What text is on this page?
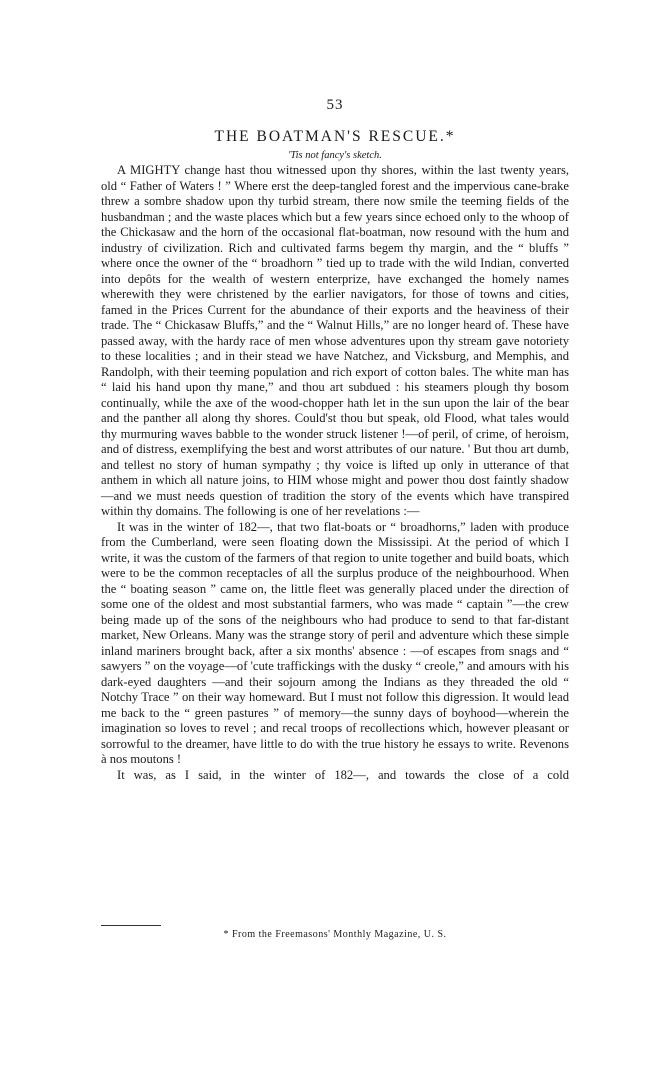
53
THE BOATMAN'S RESCUE.*
'Tis not fancy's sketch.

A MIGHTY change hast thou witnessed upon thy shores, within the last twenty years, old “ Father of Waters ! ” Where erst the deep-tangled forest and the impervious cane-brake threw a sombre shadow upon thy turbid stream, there now smile the teeming fields of the husbandman ; and the waste places which but a few years since echoed only to the whoop of the Chickasaw and the horn of the occasional flat-boatman, now resound with the hum and industry of civilization. Rich and cultivated farms begem thy margin, and the “ bluffs ” where once the owner of the “ broadhorn ” tied up to trade with the wild Indian, converted into depôts for the wealth of western enterprize, have exchanged the homely names wherewith they were christened by the earlier navigators, for those of towns and cities, famed in the Prices Current for the abundance of their exports and the heaviness of their trade. The “ Chickasaw Bluffs,” and the “ Walnut Hills,” are no longer heard of. These have passed away, with the hardy race of men whose adventures upon thy stream gave notoriety to these localities ; and in their stead we have Natchez, and Vicksburg, and Memphis, and Randolph, with their teeming population and rich export of cotton bales. The white man has “ laid his hand upon thy mane,” and thou art subdued : his steamers plough thy bosom continually, while the axe of the wood-chopper hath let in the sun upon the lair of the bear and the panther all along thy shores. Could'st thou but speak, old Flood, what tales would thy murmuring waves babble to the wonder struck listener !—of peril, of crime, of heroism, and of distress, exemplifying the best and worst attributes of our nature. ' But thou art dumb, and tellest no story of human sympathy ; thy voice is lifted up only in utterance of that anthem in which all nature joins, to HIM whose might and power thou dost faintly shadow —and we must needs question of tradition the story of the events which have transpired within thy domains. The following is one of her revelations :—

It was in the winter of 182—, that two flat-boats or “ broadhorns,” laden with produce from the Cumberland, were seen floating down the Mississipi. At the period of which I write, it was the custom of the farmers of that region to unite together and build boats, which were to be the common receptacles of all the surplus produce of the neighbourhood. When the “ boating season ” came on, the little fleet was generally placed under the direction of some one of the oldest and most substantial farmers, who was made “ captain ”—the crew being made up of the sons of the neighbours who had produce to send to that far-distant market, New Orleans. Many was the strange story of peril and adventure which these simple inland mariners brought back, after a six months' absence : —of escapes from snags and “ sawyers ” on the voyage—of 'cute traffickings with the dusky “ creole,” and amours with his dark-eyed daughters —and their sojourn among the Indians as they threaded the old “ Notchy Trace ” on their way homeward. But I must not follow this digression. It would lead me back to the “ green pastures ” of memory—the sunny days of boyhood—wherein the imagination so loves to revel ; and recal troops of recollections which, however pleasant or sorrowful to the dreamer, have little to do with the true history he essays to write. Revenons à nos moutons !

It was, as I said, in the winter of 182—, and towards the close of a cold

* From the Freemasons' Monthly Magazine, U. S.
